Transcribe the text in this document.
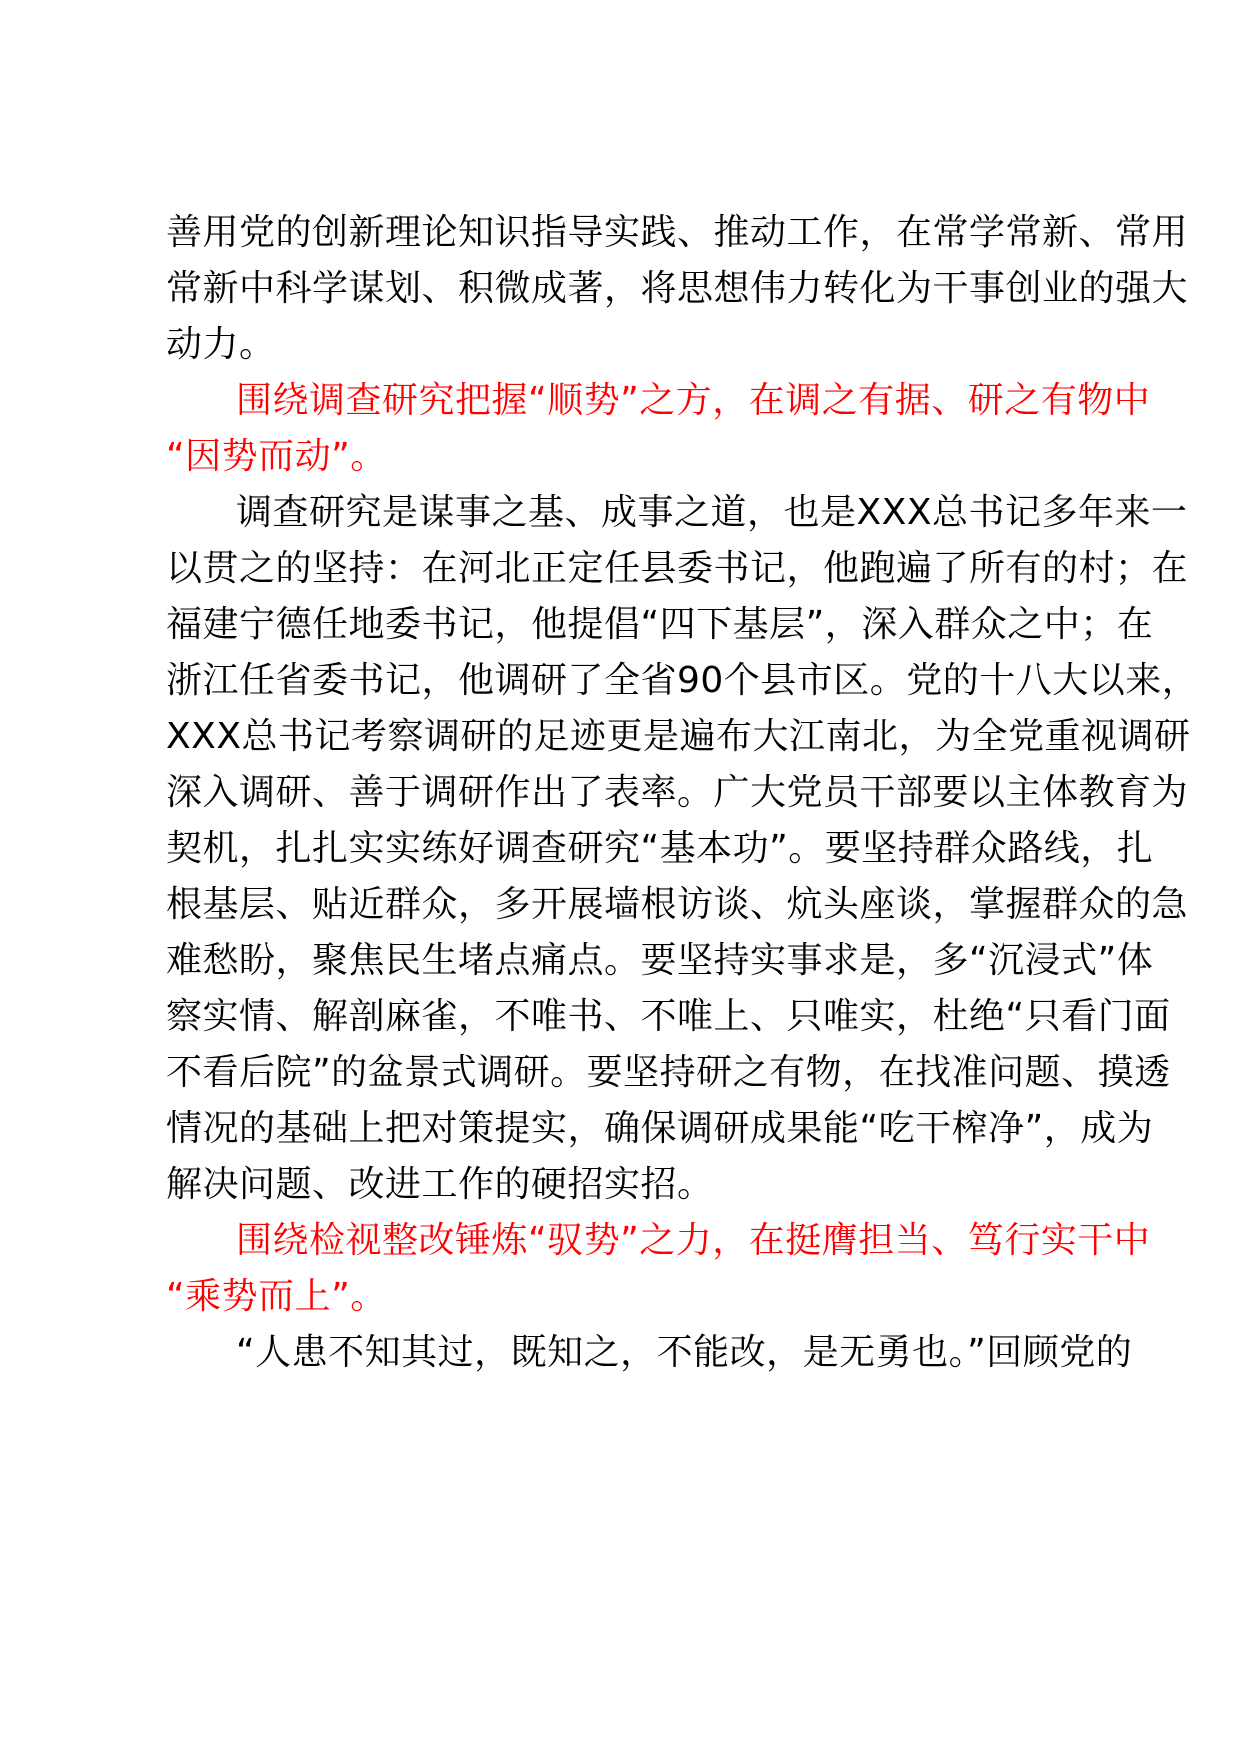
善用党的创新理论知识指导实践、推动工作，在常学常新、常用
常新中科学谋划、积微成著，将思想伟力转化为干事创业的强大
动力。
围绕调查研究把握“顺势”之方，在调之有据、研之有物中
“因势而动”。
调查研究是谋事之基、成事之道，也是XXX总书记多年来一
以贯之的坚持：在河北正定任县委书记，他跑遍了所有的村；在
福建宁德任地委书记，他提倡“四下基层”，深入群众之中；在
浙江任省委书记，他调研了全省90个县市区。党的十八大以来，
XXX总书记考察调研的足迹更是遍布大江南北，为全党重视调研
深入调研、善于调研作出了表率。广大党员干部要以主体教育为
契机，扎扎实实练好调查研究“基本功”。要坚持群众路线，扎
根基层、贴近群众，多开展墙根访谈、炕头座谈，掌握群众的急
难愁盼，聚焦民生堵点痛点。要坚持实事求是，多“沉浸式”体
察实情、解剖麻雀，不唯书、不唯上、只唯实，杜绝“只看门面
不看后院”的盆景式调研。要坚持研之有物，在找准问题、摸透
情况的基础上把对策提实，确保调研成果能“吃干榨净”，成为
解决问题、改进工作的硬招实招。
围绕检视整改锤炼“驭势”之力，在挺膺担当、笃行实干中
“乘势而上”。
“人患不知其过，既知之，不能改，是无勇也。”回顾党的
